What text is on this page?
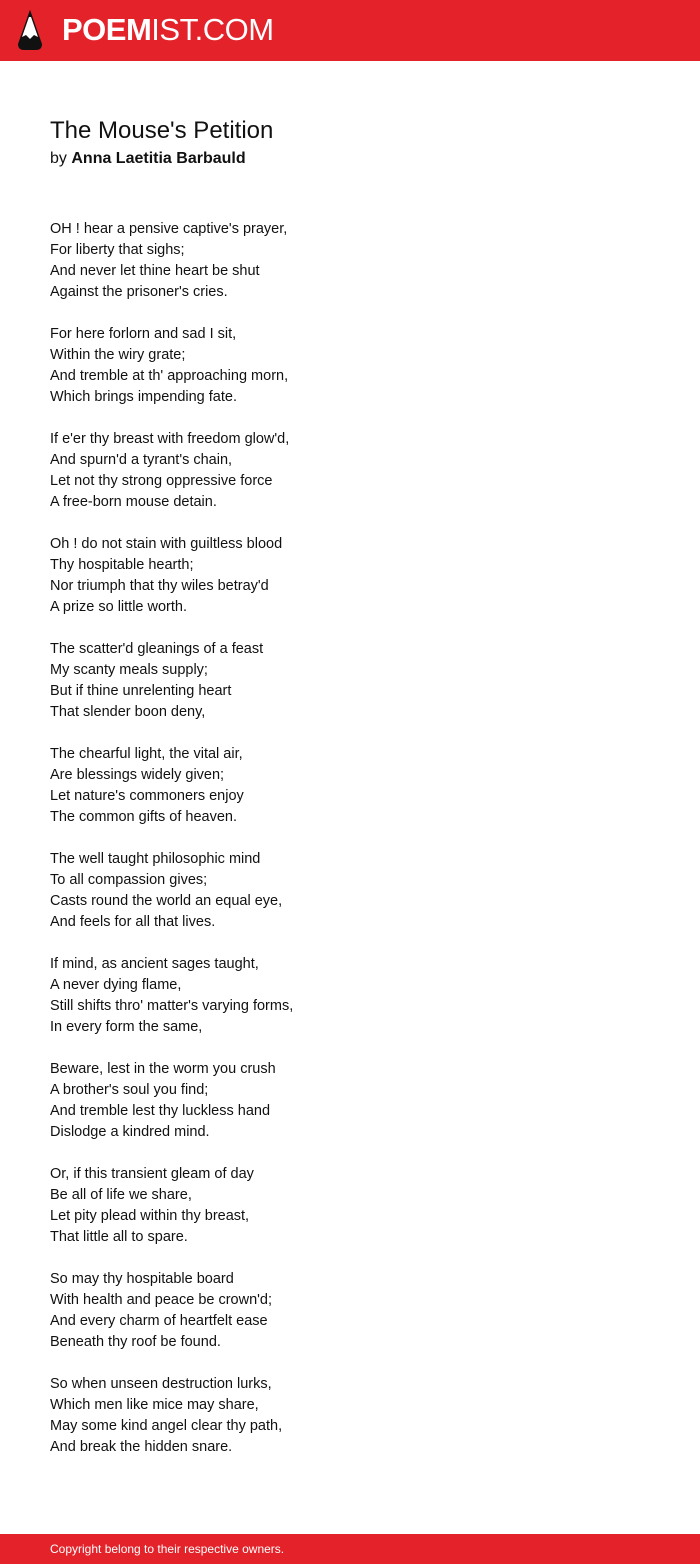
POEMIST.COM
The Mouse's Petition
by Anna Laetitia Barbauld
OH ! hear a pensive captive's prayer,
For liberty that sighs;
And never let thine heart be shut
Against the prisoner's cries.
For here forlorn and sad I sit,
Within the wiry grate;
And tremble at th' approaching morn,
Which brings impending fate.
If e'er thy breast with freedom glow'd,
And spurn'd a tyrant's chain,
Let not thy strong oppressive force
A free-born mouse detain.
Oh ! do not stain with guiltless blood
Thy hospitable hearth;
Nor triumph that thy wiles betray'd
A prize so little worth.
The scatter'd gleanings of a feast
My scanty meals supply;
But if thine unrelenting heart
That slender boon deny,
The chearful light, the vital air,
Are blessings widely given;
Let nature's commoners enjoy
The common gifts of heaven.
The well taught philosophic mind
To all compassion gives;
Casts round the world an equal eye,
And feels for all that lives.
If mind, as ancient sages taught,
A never dying flame,
Still shifts thro' matter's varying forms,
In every form the same,
Beware, lest in the worm you crush
A brother's soul you find;
And tremble lest thy luckless hand
Dislodge a kindred mind.
Or, if this transient gleam of day
Be all of life we share,
Let pity plead within thy breast,
That little all to spare.
So may thy hospitable board
With health and peace be crown'd;
And every charm of heartfelt ease
Beneath thy roof be found.
So when unseen destruction lurks,
Which men like mice may share,
May some kind angel clear thy path,
And break the hidden snare.
Copyright belong to their respective owners.
